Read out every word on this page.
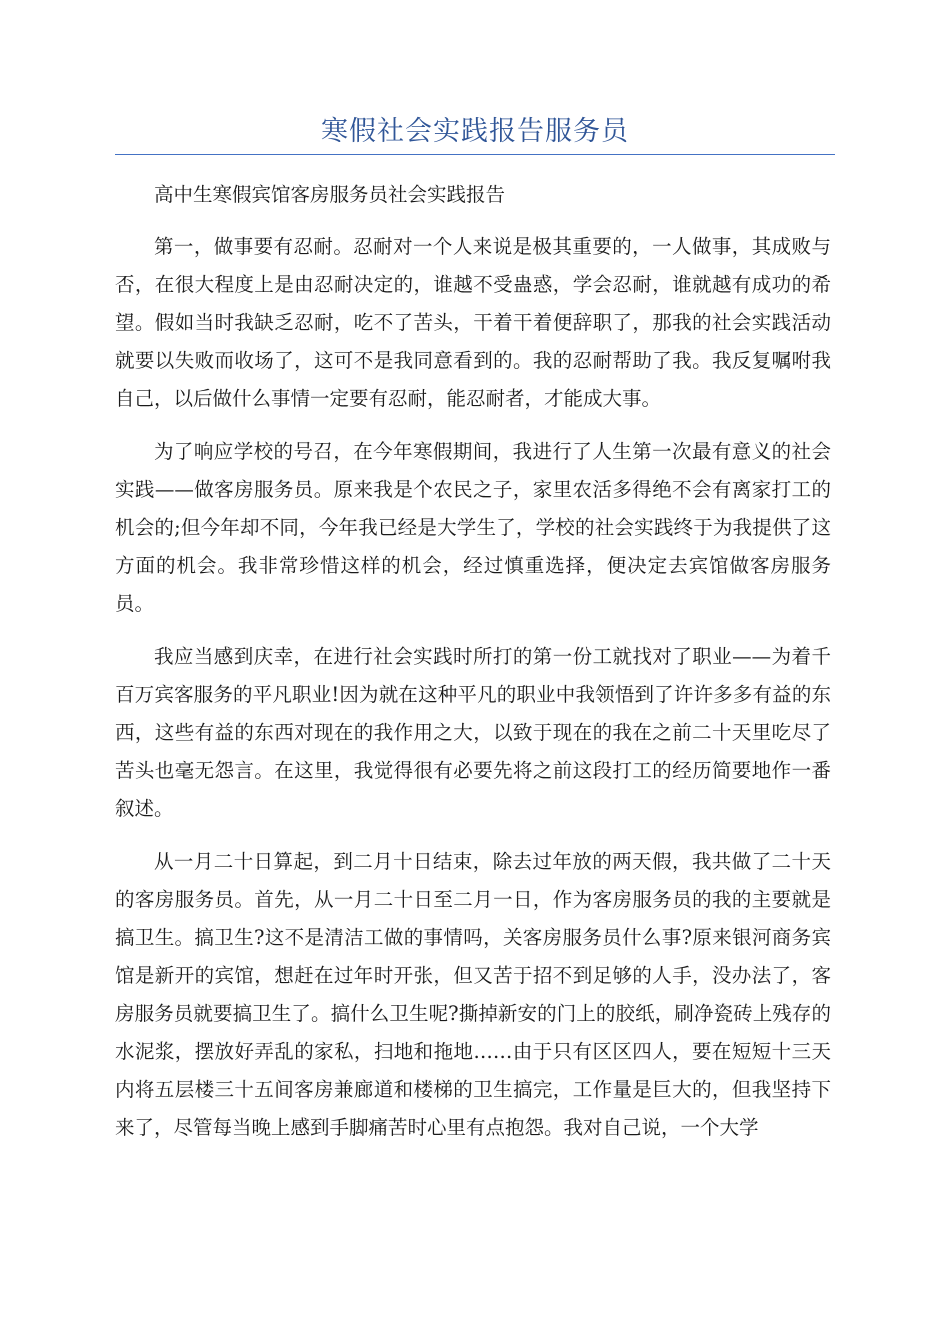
寒假社会实践报告服务员

高中生寒假宾馆客房服务员社会实践报告

第一，做事要有忍耐。忍耐对一个人来说是极其重要的，一人做事，其成败与否，在很大程度上是由忍耐决定的，谁越不受蛊惑，学会忍耐，谁就越有成功的希望。假如当时我缺乏忍耐，吃不了苦头，干着干着便辞职了，那我的社会实践活动就要以失败而收场了，这可不是我同意看到的。我的忍耐帮助了我。我反复嘱咐我自己，以后做什么事情一定要有忍耐，能忍耐者，才能成大事。

为了响应学校的号召，在今年寒假期间，我进行了人生第一次最有意义的社会实践——做客房服务员。原来我是个农民之子，家里农活多得绝不会有离家打工的机会的;但今年却不同，今年我已经是大学生了，学校的社会实践终于为我提供了这方面的机会。我非常珍惜这样的机会，经过慎重选择，便决定去宾馆做客房服务员。

我应当感到庆幸，在进行社会实践时所打的第一份工就找对了职业——为着千百万宾客服务的平凡职业!因为就在这种平凡的职业中我领悟到了许许多多有益的东西，这些有益的东西对现在的我作用之大，以致于现在的我在之前二十天里吃尽了苦头也毫无怨言。在这里，我觉得很有必要先将之前这段打工的经历简要地作一番叙述。

从一月二十日算起，到二月十日结束，除去过年放的两天假，我共做了二十天的客房服务员。首先，从一月二十日至二月一日，作为客房服务员的我的主要就是搞卫生。搞卫生?这不是清洁工做的事情吗，关客房服务员什么事?原来银河商务宾馆是新开的宾馆，想赶在过年时开张，但又苦于招不到足够的人手，没办法了，客房服务员就要搞卫生了。搞什么卫生呢?撕掉新安的门上的胶纸，刷净瓷砖上残存的水泥浆，摆放好弄乱的家私，扫地和拖地……由于只有区区四人，要在短短十三天内将五层楼三十五间客房兼廊道和楼梯的卫生搞完，工作量是巨大的，但我坚持下来了，尽管每当晚上感到手脚痛苦时心里有点抱怨。我对自己说，一个大学
